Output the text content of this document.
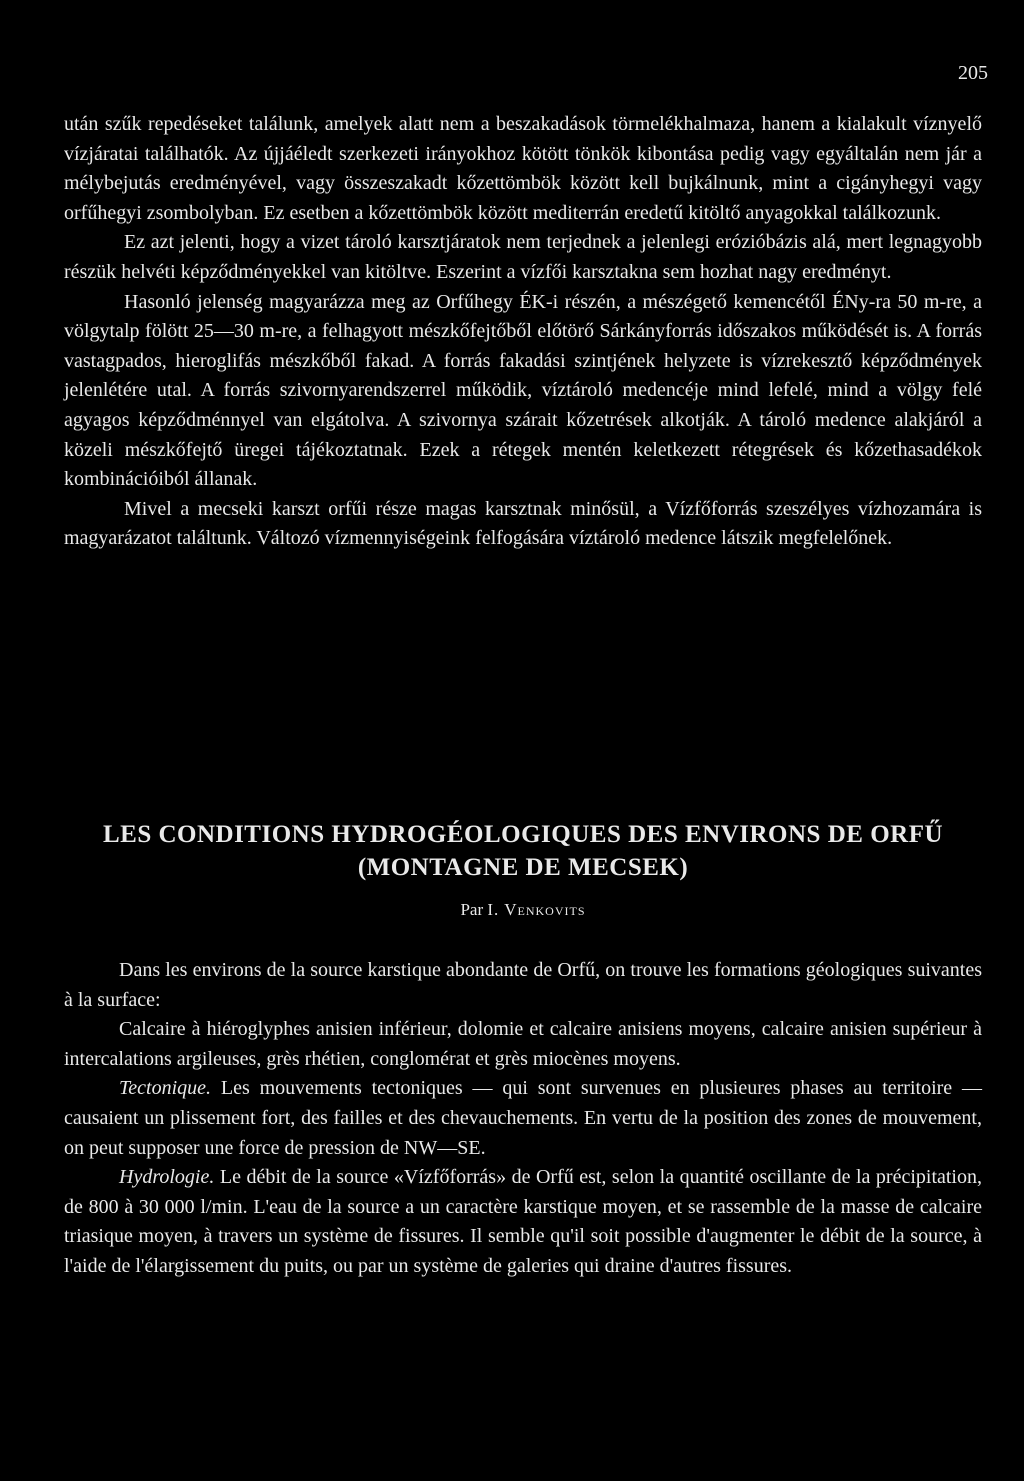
205

után szűk repedéseket találunk, amelyek alatt nem a beszakadások törmelékhalmaza, hanem a kialakult víznyelő vízjáratai találhatók. Az újjáéledt szerkezeti irányokhoz kötött tönkök kibontása pedig vagy egyáltalán nem jár a mélybejutás eredményével, vagy összeszakadt kőzettömbök között kell bujkálnunk, mint a cigányhegyi vagy orfűhegyi zsombolyban. Ez esetben a kőzettömbök között mediterrán eredetű kitöltő anyagokkal találkozunk.

Ez azt jelenti, hogy a vizet tároló karsztjáratok nem terjednek a jelenlegi erózióbázis alá, mert legnagyobb részük helvéti képződményekkel van kitöltve. Eszerint a vízfői karsztakna sem hozhat nagy eredményt.

Hasonló jelenség magyarázza meg az Orfűhegy ÉK-i részén, a mészégető kemencétől ÉNy-ra 50 m-re, a völgytalp fölött 25—30 m-re, a felhagyott mészkőfejtőből előtörő Sárkányforrás időszakos működését is. A forrás vastagpados, hieroglifás mészkőből fakad. A forrás fakadási szintjének helyzete is vízrekesztő képződmények jelenlétére utal. A forrás szivornyarendszerrel működik, víztároló medencéje mind lefelé, mind a völgy felé agyagos képződménnyel van elgátolva. A szivornya szárait kőzetrések alkotják. A tároló medence alakjáról a közeli mészkőfejtő üregei tájékoztatnak. Ezek a rétegek mentén keletkezett rétegrések és kőzethasadékok kombinációiból állanak.

Mivel a mecseki karszt orfűi része magas karsztnak minősül, a Vízfőforrás szeszélyes vízhozamára is magyarázatot találtunk. Változó vízmennyiségeink felfogására víztároló medence látszik megfelelőnek.

LES CONDITIONS HYDROGÉOLOGIQUES DES ENVIRONS DE ORFŰ
(MONTAGNE DE MECSEK)
Par I. Venkovits

Dans les environs de la source karstique abondante de Orfű, on trouve les formations géologiques suivantes à la surface:

Calcaire à hiéroglyphes anisien inférieur, dolomie et calcaire anisiens moyens, calcaire anisien supérieur à intercalations argileuses, grès rhétien, conglomérat et grès miocènes moyens.

Tectonique. Les mouvements tectoniques — qui sont survenues en plusieures phases au territoire — causaient un plissement fort, des failles et des chevauchements. En vertu de la position des zones de mouvement, on peut supposer une force de pression de NW—SE.

Hydrologie. Le débit de la source «Vízfőforrás» de Orfű est, selon la quantité oscillante de la précipitation, de 800 à 30 000 l/min. L'eau de la source a un caractère karstique moyen, et se rassemble de la masse de calcaire triasique moyen, à travers un système de fissures. Il semble qu'il soit possible d'augmenter le débit de la source, à l'aide de l'élargissement du puits, ou par un système de galeries qui draine d'autres fissures.
